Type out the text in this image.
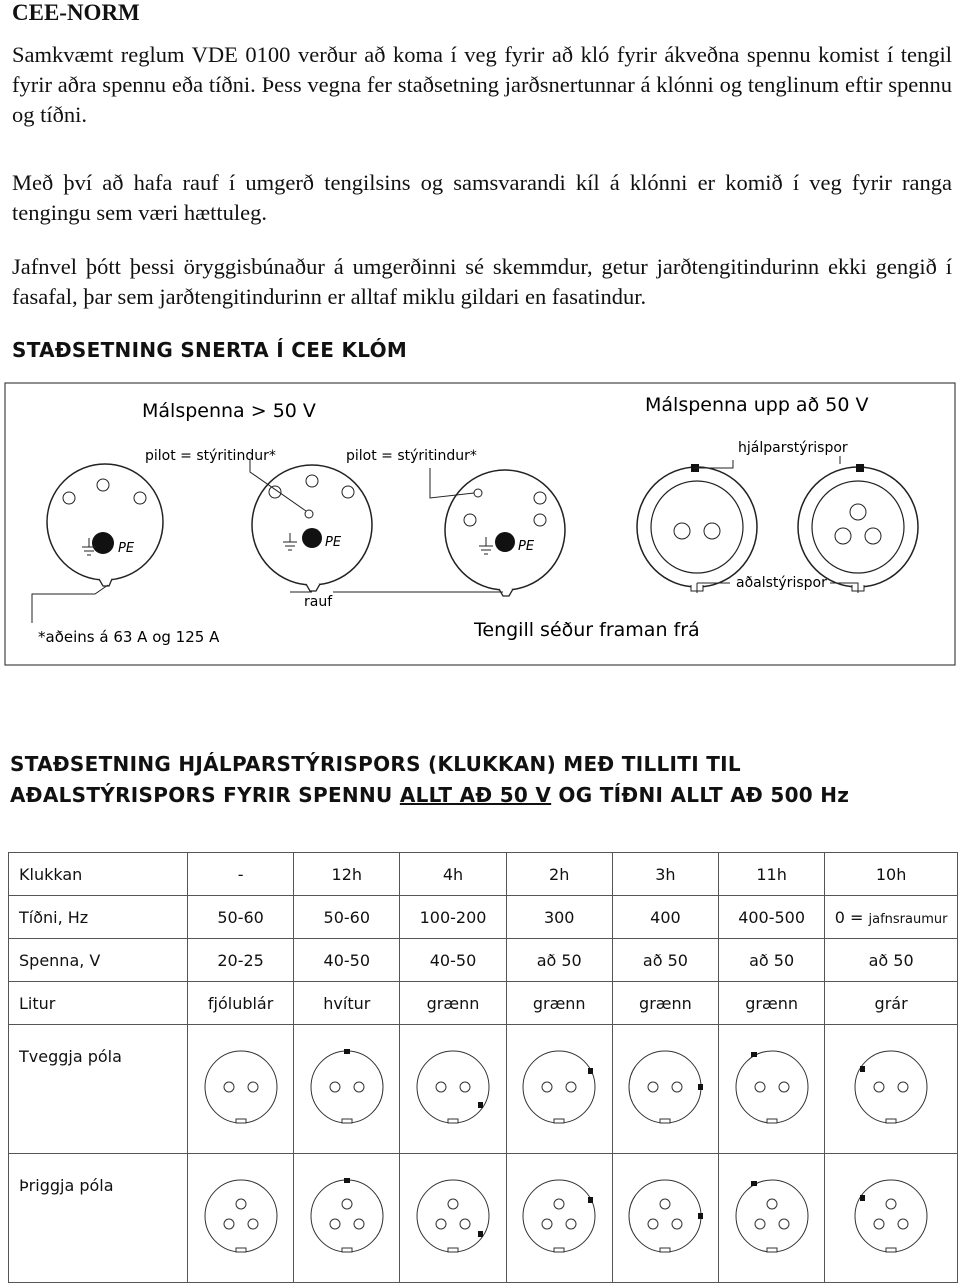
CEE-NORM
Samkvæmt reglum VDE 0100 verður að koma í veg fyrir að kló fyrir ákveðna spennu komist í tengil fyrir aðra spennu eða tíðni. Þess vegna fer staðsetning jarðsnertunnar á klónni og tenglinum eftir spennu og tíðni.
Með því að hafa rauf í umgerð tengilsins og samsvarandi kíl á klónni er komið í veg fyrir ranga tengingu sem væri hættuleg.
Jafnvel þótt þessi öryggisbúnaður á umgerðinni sé skemmdur, getur jarðtengitindurinn ekki gengið í fasafal, þar sem jarðtengitindurinn er alltaf miklu gildari en fasatindur.
STAÐSETNING SNERTA Í CEE KLÓM
Málspenna > 50 V	Málspenna upp að 50 V
pilot = stýritindur*	pilot = stýritindur*	hjálparstýrispor
aðalstýrispor
rauf
*aðeins á 63 A og 125 A	Tengill séður framan frá
PE	PE	PE
STAÐSETNING HJÁLPARSTÝRISPORS (KLUKKAN) MEÐ TILLITI TIL
AÐALSTÝRISPORS FYRIR SPENNU ALLT AÐ 50 V OG TÍÐNI ALLT AÐ 500 Hz
Klukkan	-	12h	4h	2h	3h	11h	10h
Tíðni, Hz	50-60	50-60	100-200	300	400	400-500	0 = jafnsraumur
Spenna, V	20-25	40-50	40-50	að 50	að 50	að 50	að 50
Litur	fjólublár	hvítur	grænn	grænn	grænn	grænn	grár
Tveggja póla							
Þriggja póla							
